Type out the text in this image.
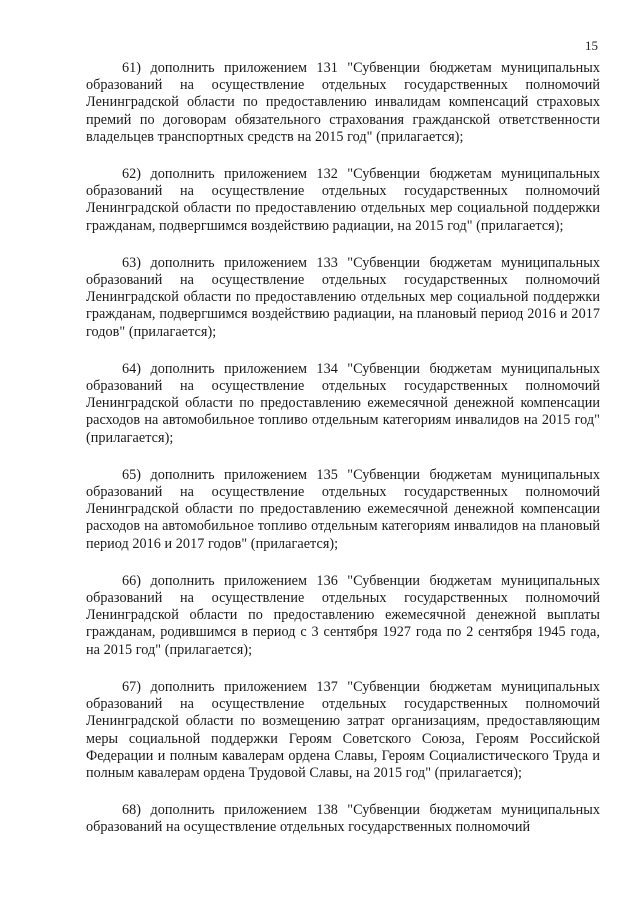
15

61) дополнить приложением 131 "Субвенции бюджетам муниципальных образований на осуществление отдельных государственных полномочий Ленинградской области по предоставлению инвалидам компенсаций страховых премий по договорам обязательного страхования гражданской ответственности владельцев транспортных средств на 2015 год" (прилагается);

62) дополнить приложением 132 "Субвенции бюджетам муниципальных образований на осуществление отдельных государственных полномочий Ленинградской области по предоставлению отдельных мер социальной поддержки гражданам, подвергшимся воздействию радиации, на 2015 год" (прилагается);

63) дополнить приложением 133 "Субвенции бюджетам муниципальных образований на осуществление отдельных государственных полномочий Ленинградской области по предоставлению отдельных мер социальной поддержки гражданам, подвергшимся воздействию радиации, на плановый период 2016 и 2017 годов" (прилагается);

64) дополнить приложением 134 "Субвенции бюджетам муниципальных образований на осуществление отдельных государственных полномочий Ленинградской области по предоставлению ежемесячной денежной компенсации расходов на автомобильное топливо отдельным категориям инвалидов на 2015 год" (прилагается);

65) дополнить приложением 135 "Субвенции бюджетам муниципальных образований на осуществление отдельных государственных полномочий Ленинградской области по предоставлению ежемесячной денежной компенсации расходов на автомобильное топливо отдельным категориям инвалидов на плановый период 2016 и 2017 годов" (прилагается);

66) дополнить приложением 136 "Субвенции бюджетам муниципальных образований на осуществление отдельных государственных полномочий Ленинградской области по предоставлению ежемесячной денежной выплаты гражданам, родившимся в период с 3 сентября 1927 года по 2 сентября 1945 года, на 2015 год" (прилагается);

67) дополнить приложением 137 "Субвенции бюджетам муниципальных образований на осуществление отдельных государственных полномочий Ленинградской области по возмещению затрат организациям, предоставляющим меры социальной поддержки Героям Советского Союза, Героям Российской Федерации и полным кавалерам ордена Славы, Героям Социалистического Труда и полным кавалерам ордена Трудовой Славы, на 2015 год" (прилагается);

68) дополнить приложением 138 "Субвенции бюджетам муниципальных образований на осуществление отдельных государственных полномочий
